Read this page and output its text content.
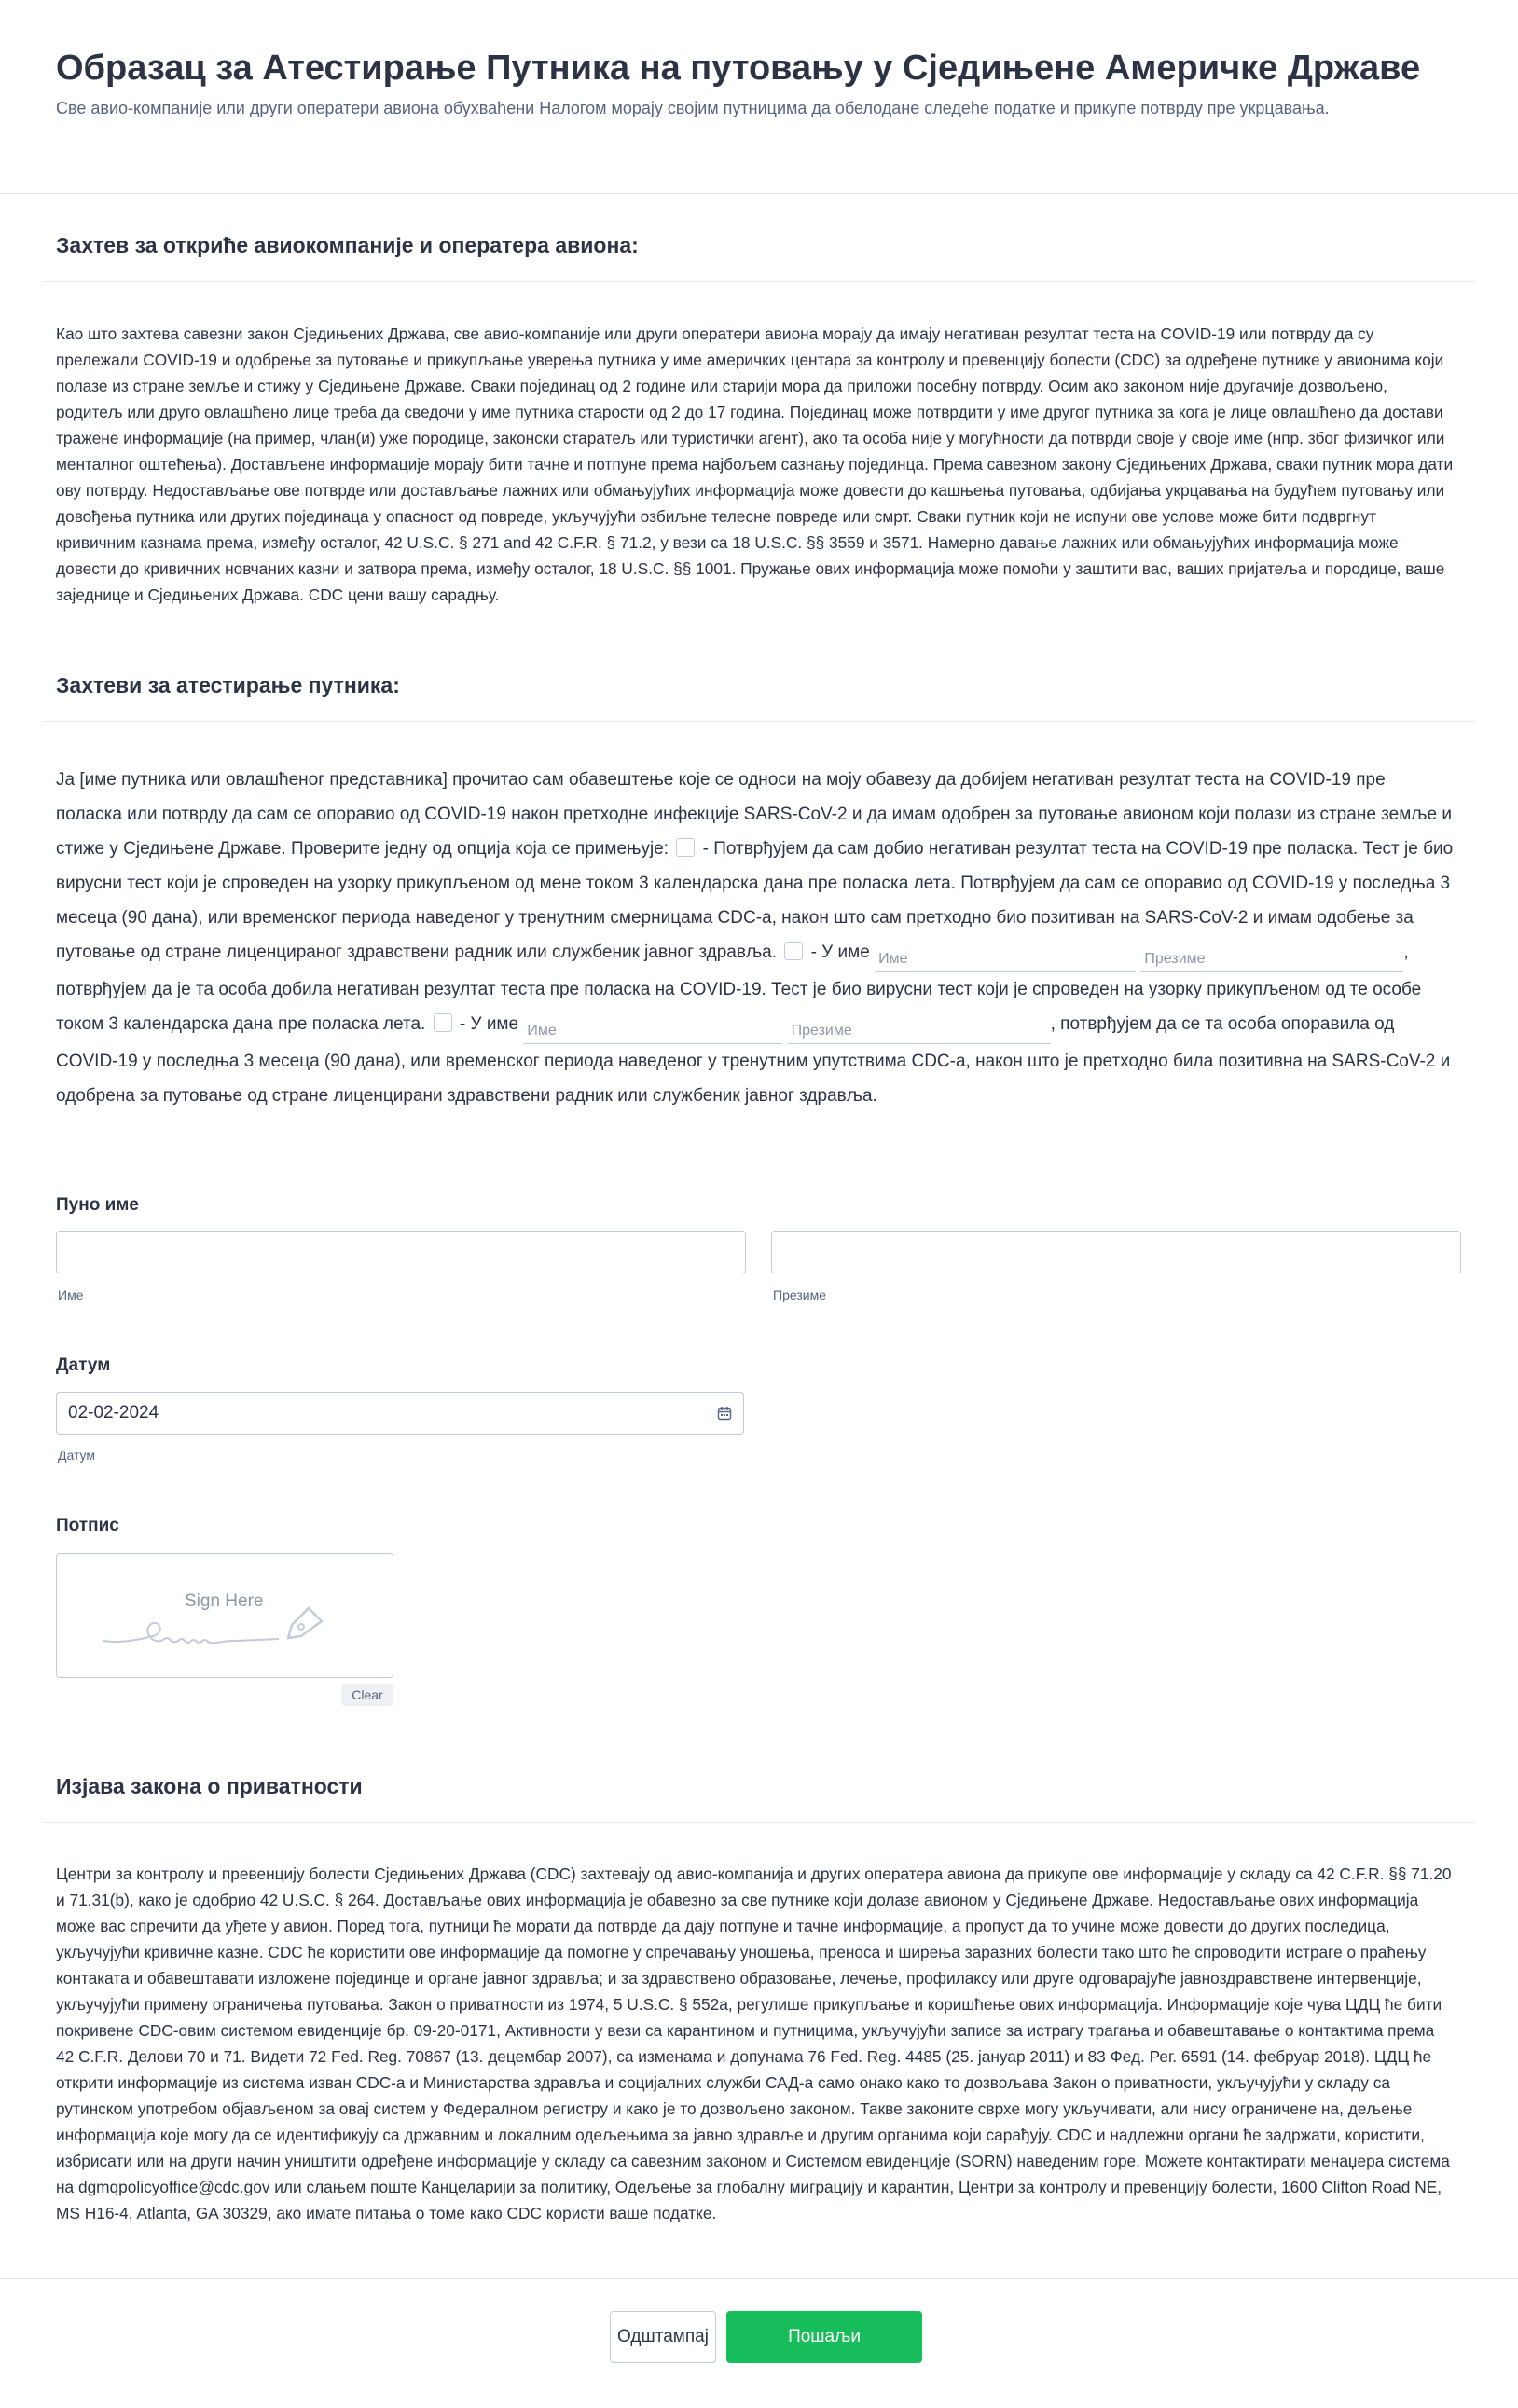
Образац за Атестирање Путника на путовању у Сједињене Америчке Државе
Све авио-компаније или други оператери авиона обухваћени Налогом морају својим путницима да обелодане следеће податке и прикупе потврду пре укрцавања.
Захтев за откриће авиокомпаније и оператера авиона:
Као што захтева савезни закон Сједињених Држава, све авио-компаније или други оператери авиона морају да имају негативан резултат теста на COVID-19 или потврду да су прележали COVID-19 и одобрење за путовање и прикупљање уверења путника у име америчких центара за контролу и превенцију болести (CDC) за одређене путнике у авионима који полазе из стране земље и стижу у Сједињене Државе. Сваки појединац од 2 године или старији мора да приложи посебну потврду. Осим ако законом није другачије дозвољено, родитељ или друго овлашћено лице треба да сведочи у име путника старости од 2 до 17 година. Појединац може потврдити у име другог путника за кога је лице овлашћено да достави тражене информације (на пример, члан(и) уже породице, законски старатељ или туристички агент), ако та особа није у могућности да потврди своје у своје име (нпр. због физичког или менталног оштећења). Достављене информације морају бити тачне и потпуне према најбољем сазнању појединца. Према савезном закону Сједињених Држава, сваки путник мора дати ову потврду. Недостављање ове потврде или достављање лажних или обмањујућих информација може довести до кашњења путовања, одбијања укрцавања на будућем путовању или довођења путника или других појединаца у опасност од повреде, укључујући озбиљне телесне повреде или смрт. Сваки путник који не испуни ове услове може бити подвргнут кривичним казнама према, између осталог, 42 U.S.C. § 271 and 42 C.F.R. § 71.2, у вези са 18 U.S.C. §§ 3559 и 3571. Намерно давање лажних или обмањујућих информација може довести до кривичних новчаних казни и затвора према, између осталог, 18 U.S.C. §§ 1001. Пружање ових информација може помоћи у заштити вас, ваших пријатеља и породице, ваше заједнице и Сједињених Држава. CDC цени вашу сарадњу.
Захтеви за атестирање путника:
Ја [име путника или овлашћеног представника] прочитао сам обавештење које се односи на моју обавезу да добијем негативан резултат теста на COVID-19 пре поласка или потврду да сам се опоравио од COVID-19 након претходне инфекције SARS-CoV-2 и да имам одобрен за путовање авионом који полази из стране земље и стиже у Сједињене Државе. Проверите једну од опција која се примењује: - Потврђујем да сам добио негативан резултат теста на COVID-19 пре поласка. Тест је био вирусни тест који је спроведен на узорку прикупљеном од мене током 3 календарска дана пре поласка лета. Потврђујем да сам се опоравио од COVID-19 у последња 3 месеца (90 дана), или временског периода наведеног у тренутним смерницама CDC-а, након што сам претходно био позитиван на SARS-CoV-2 и имам одобење за путовање од стране лиценцираног здравствени радник или службеник јавног здравља. - У име Име	Презиме	, потврђујем да је та особа добила негативан резултат теста пре поласка на COVID-19. Тест је био вирусни тест који је спроведен на узорку прикупљеном од те особе током 3 календарска дана пре поласка лета. - У име Име	Презиме	, потврђујем да се та особа опоравила од COVID-19 у последња 3 месеца (90 дана), или временског периода наведеног у тренутним упутствима CDC-а, након што је претходно била позитивна на SARS-CoV-2 и одобрена за путовање од стране лиценцирани здравствени радник или службеник јавног здравља.
Пуно име
Име	Презиме
Датум
02-02-2024
Датум
Потпис
Sign Here
Clear
Изјава закона о приватности
Центри за контролу и превенцију болести Сједињених Држава (CDC) захтевају од авио-компанија и других оператера авиона да прикупе ове информације у складу са 42 C.F.R. §§ 71.20 и 71.31(b), како је одобрио 42 U.S.C. § 264. Достављање ових информација је обавезно за све путнике који долазе авионом у Сједињене Државе. Недостављање ових информација може вас спречити да уђете у авион. Поред тога, путници ће морати да потврде да дају потпуне и тачне информације, а пропуст да то учине може довести до других последица, укључујући кривичне казне. CDC ће користити ове информације да помогне у спречавању уношења, преноса и ширења заразних болести тако што ће спроводити истраге о праћењу контаката и обавештавати изложене појединце и органе јавног здравља; и за здравствено образовање, лечење, профилаксу или друге одговарајуће јавноздравствене интервенције, укључујући примену ограничења путовања. Закон о приватности из 1974, 5 U.S.C. § 552a, регулише прикупљање и коришћење ових информација. Информације које чува ЦДЦ ће бити покривене CDC-овим системом евиденције бр. 09-20-0171, Активности у вези са карантином и путницима, укључујући записе за истрагу трагања и обавештавање о контактима према 42 C.F.R. Делови 70 и 71. Видети 72 Fed. Reg. 70867 (13. децембар 2007), са изменама и допунама 76 Fed. Reg. 4485 (25. јануар 2011) и 83 Фед. Рег. 6591 (14. фебруар 2018). ЦДЦ ће открити информације из система изван CDC-а и Министарства здравља и социјалних служби САД-а само онако како то дозвољава Закон о приватности, укључујући у складу са рутинском употребом објављеном за овај систем у Федералном регистру и како је то дозвољено законом. Такве законите сврхе могу укључивати, али нису ограничене на, дељење информација које могу да се идентификују са државним и локалним одељењима за јавно здравље и другим органима који сарађују. CDC и надлежни органи ће задржати, користити, избрисати или на други начин уништити одређене информације у складу са савезним законом и Системом евиденције (SORN) наведеним горе. Можете контактирати менаџера система на dgmqpolicyoffice@cdc.gov или слањем поште Канцеларији за политику, Одељење за глобалну миграцију и карантин, Центри за контролу и превенцију болести, 1600 Clifton Road NE, MS H16-4, Atlanta, GA 30329, ако имате питања о томе како CDC користи ваше податке.
Одштампај	Пошаљи
